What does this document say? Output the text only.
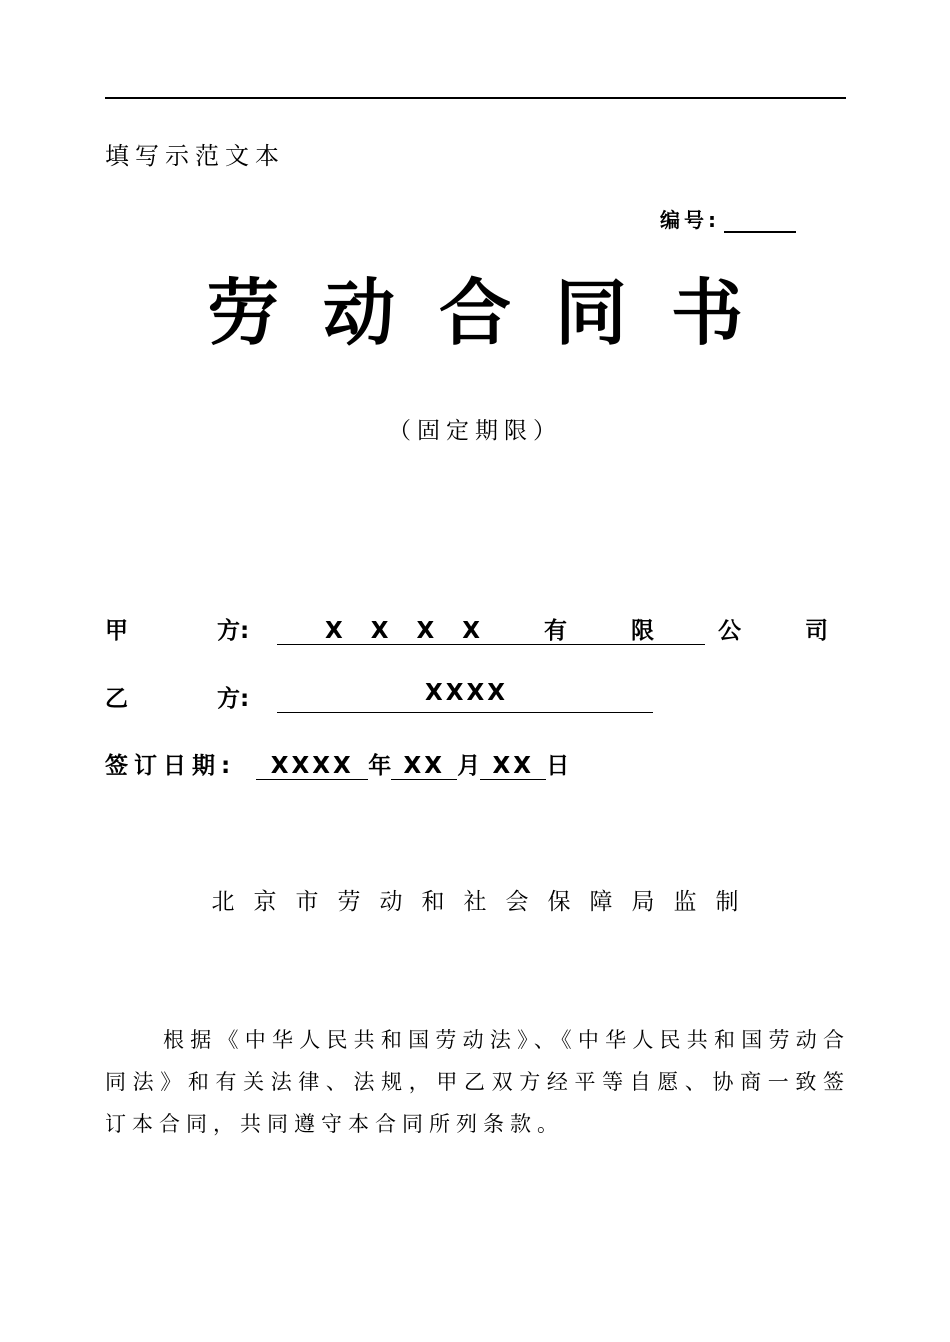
填写示范文本
编号:
劳动合同书
（固定期限）
甲	方:	XXXX 有 限 公 司
乙	方:	XXXX
签订日期: XXXX 年 XX 月 XX 日
北京市劳动和社会保障局监制
根据《中华人民共和国劳动法》、《中华人民共和国劳动合同法》和有关法律、法规，甲乙双方经平等自愿、协商一致签订本合同，共同遵守本合同所列条款。
